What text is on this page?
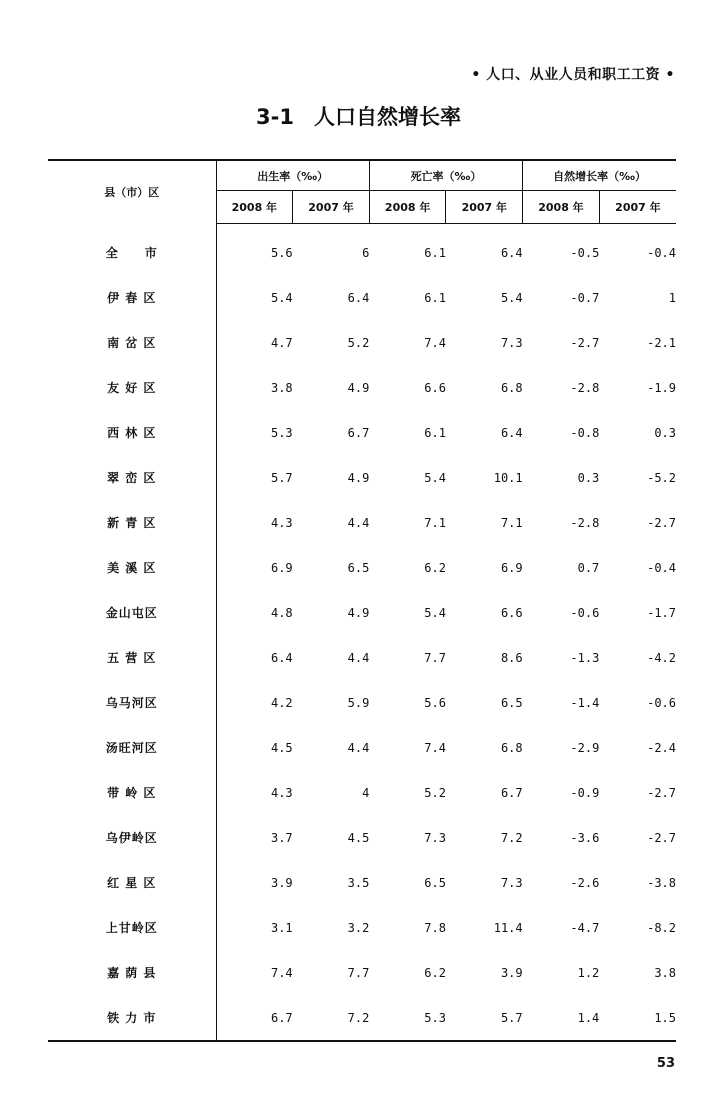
• 人口、从业人员和职工工资 •
3-1 人口自然增长率
县（市）区	出生率（‰）		死亡率（‰）		自然增长率（‰）	
	2008 年	2007 年	2008 年	2007 年	2008 年	2007 年
全　　市	5.6	6	6.1	6.4	-0.5	-0.4
伊 春 区	5.4	6.4	6.1	5.4	-0.7	1
南 岔 区	4.7	5.2	7.4	7.3	-2.7	-2.1
友 好 区	3.8	4.9	6.6	6.8	-2.8	-1.9
西 林 区	5.3	6.7	6.1	6.4	-0.8	0.3
翠 峦 区	5.7	4.9	5.4	10.1	0.3	-5.2
新 青 区	4.3	4.4	7.1	7.1	-2.8	-2.7
美 溪 区	6.9	6.5	6.2	6.9	0.7	-0.4
金山屯区	4.8	4.9	5.4	6.6	-0.6	-1.7
五 营 区	6.4	4.4	7.7	8.6	-1.3	-4.2
乌马河区	4.2	5.9	5.6	6.5	-1.4	-0.6
汤旺河区	4.5	4.4	7.4	6.8	-2.9	-2.4
带 岭 区	4.3	4	5.2	6.7	-0.9	-2.7
乌伊岭区	3.7	4.5	7.3	7.2	-3.6	-2.7
红 星 区	3.9	3.5	6.5	7.3	-2.6	-3.8
上甘岭区	3.1	3.2	7.8	11.4	-4.7	-8.2
嘉 荫 县	7.4	7.7	6.2	3.9	1.2	3.8
铁 力 市	6.7	7.2	5.3	5.7	1.4	1.5
53
